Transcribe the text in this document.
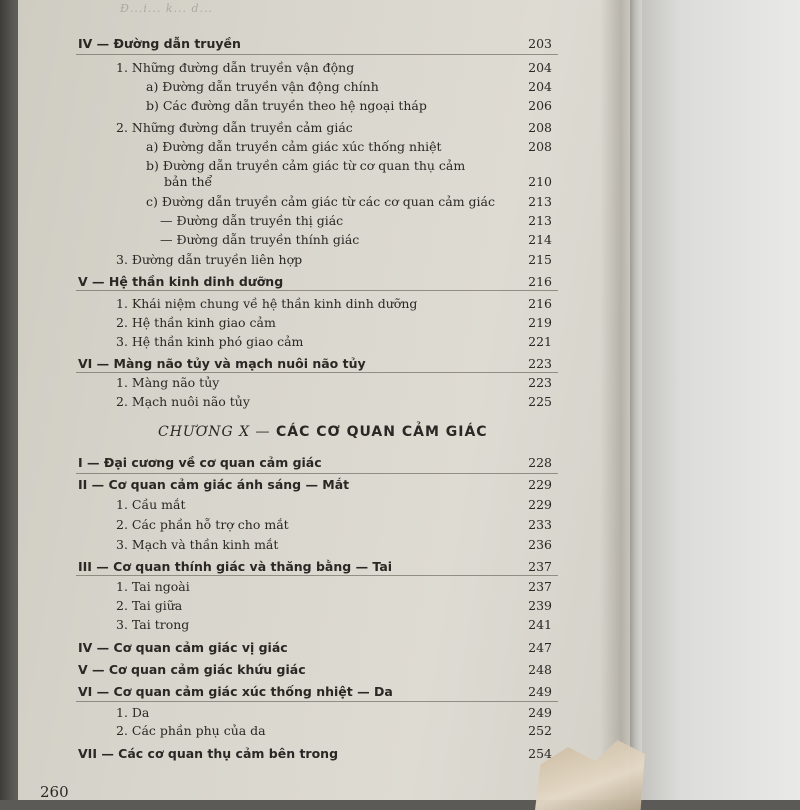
Đ...i... k... d...
IV — Đường dẫn truyền	203
1. Những đường dẫn truyền vận động	204
a) Đường dẫn truyền vận động chính	204
b) Các đường dẫn truyền theo hệ ngoại tháp	206
2. Những đường dẫn truyền cảm giác	208
a) Đường dẫn truyền cảm giác xúc thống nhiệt	208
b) Đường dẫn truyền cảm giác từ cơ quan thụ cảm
bản thể	210
c) Đường dẫn truyền cảm giác từ các cơ quan cảm giác	213
— Đường dẫn truyền thị giác	213
— Đường dẫn truyền thính giác	214
3. Đường dẫn truyền liên hợp	215
V — Hệ thần kinh dinh dưỡng	216
1. Khái niệm chung về hệ thần kinh dinh dưỡng	216
2. Hệ thần kinh giao cảm	219
3. Hệ thần kinh phó giao cảm	221
VI — Màng não tủy và mạch nuôi não tủy	223
1. Màng não tủy	223
2. Mạch nuôi não tủy	225
I — Đại cương về cơ quan cảm giác	228
II — Cơ quan cảm giác ánh sáng — Mắt	229
1. Cầu mắt	229
2. Các phần hỗ trợ cho mắt	233
3. Mạch và thần kinh mắt	236
III — Cơ quan thính giác và thăng bằng — Tai	237
1. Tai ngoài	237
2. Tai giữa	239
3. Tai trong	241
IV — Cơ quan cảm giác vị giác	247
V — Cơ quan cảm giác khứu giác	248
VI — Cơ quan cảm giác xúc thống nhiệt — Da	249
1. Da	249
2. Các phần phụ của da	252
VII — Các cơ quan thụ cảm bên trong	254
CHƯƠNG X — CÁC CƠ QUAN CẢM GIÁC
260
